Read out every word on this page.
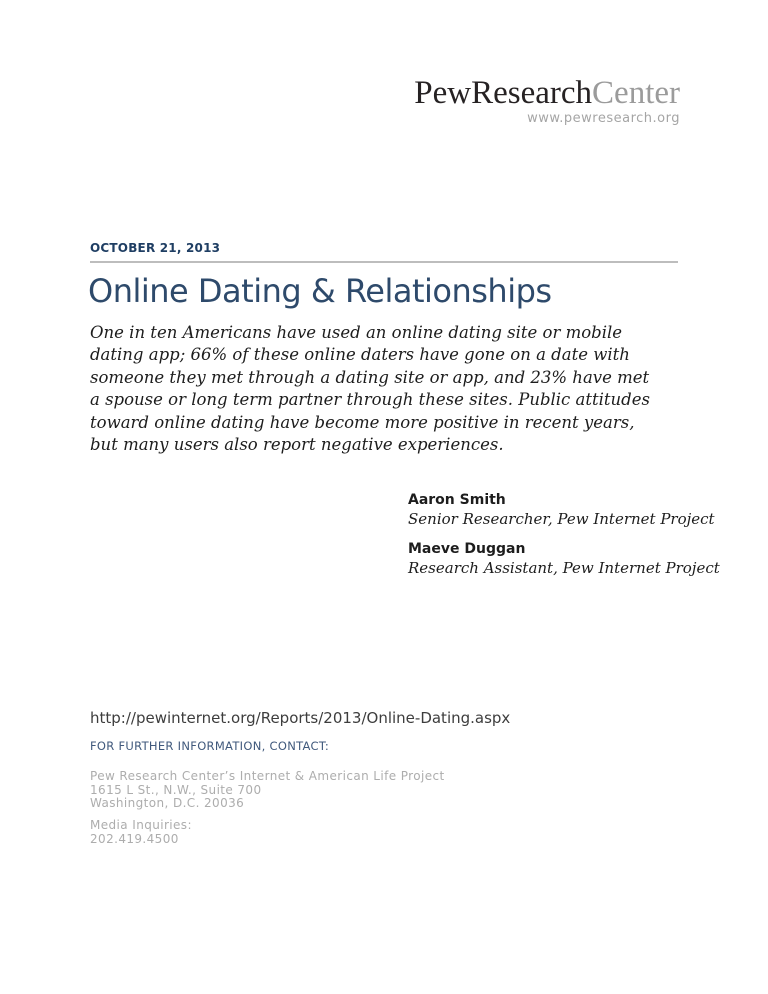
PewResearchCenter
www.pewresearch.org
OCTOBER 21, 2013
Online Dating & Relationships

One in ten Americans have used an online dating site or mobile dating app; 66% of these online daters have gone on a date with someone they met through a dating site or app, and 23% have met a spouse or long term partner through these sites. Public attitudes toward online dating have become more positive in recent years, but many users also report negative experiences.

Aaron Smith
Senior Researcher, Pew Internet Project
Maeve Duggan
Research Assistant, Pew Internet Project
http://pewinternet.org/Reports/2013/Online-Dating.aspx
FOR FURTHER INFORMATION, CONTACT:
Pew Research Center’s Internet & American Life Project
1615 L St., N.W., Suite 700
Washington, D.C. 20036
Media Inquiries:
202.419.4500
